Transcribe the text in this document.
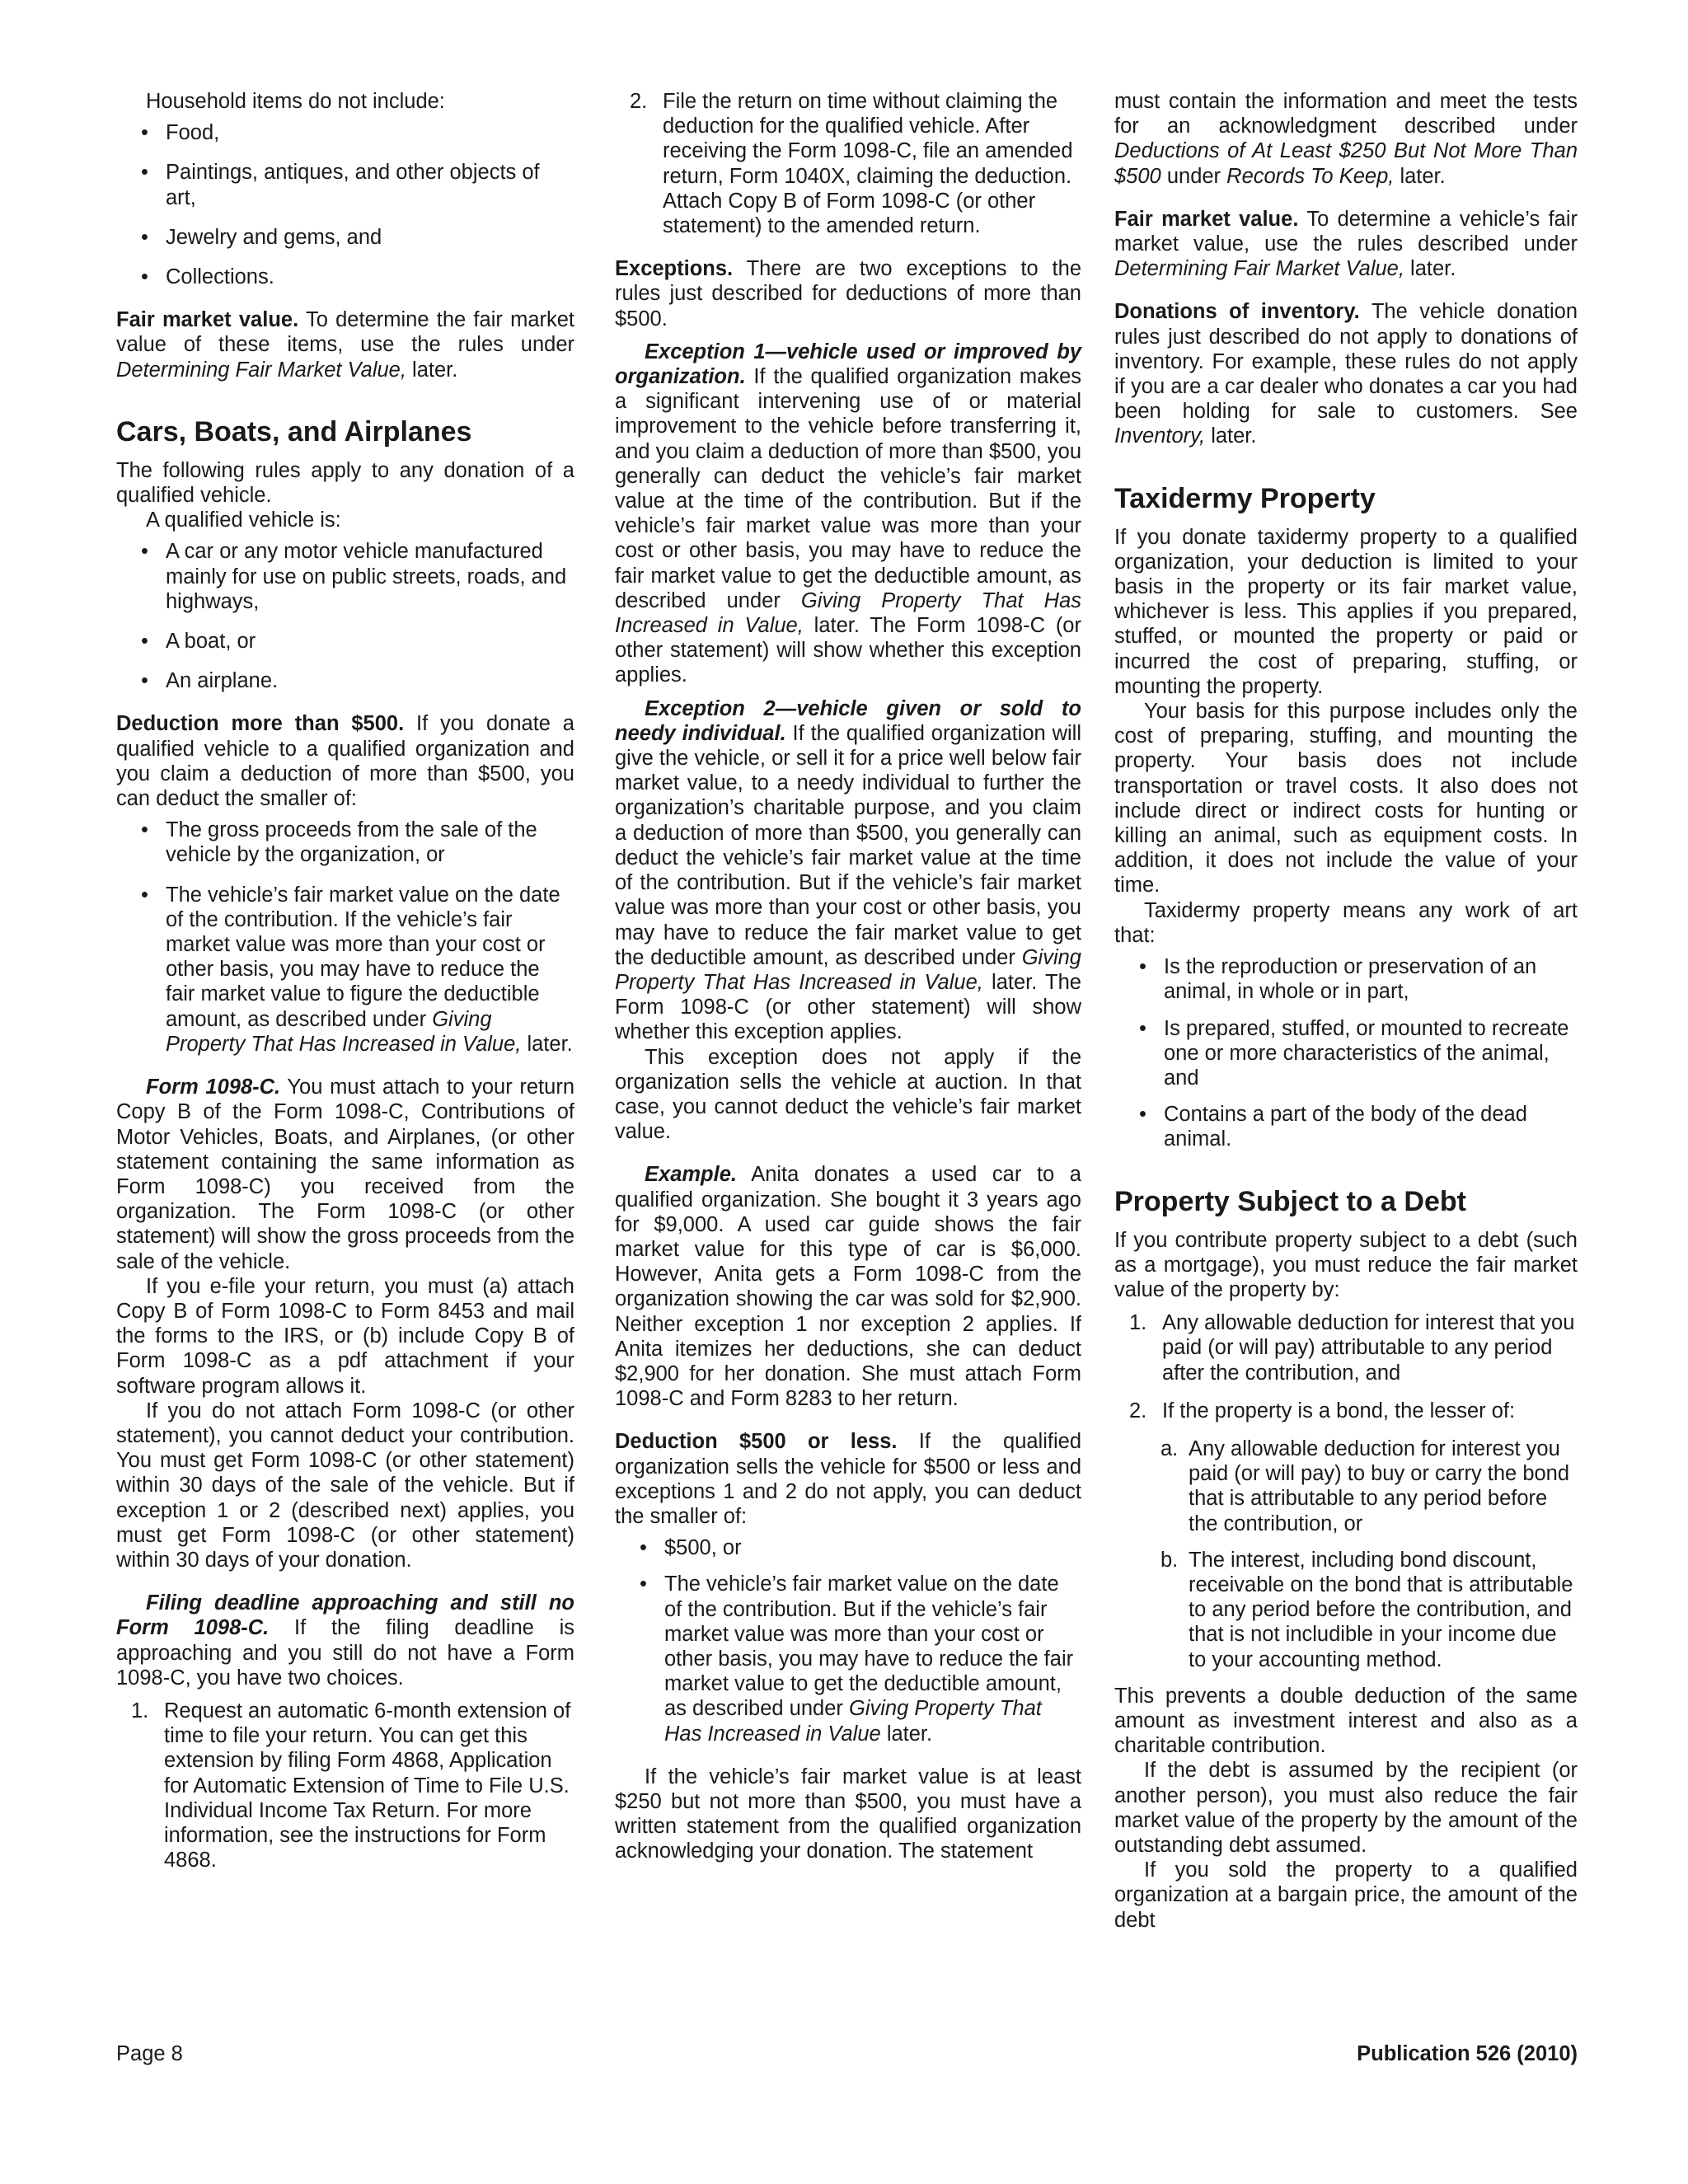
Household items do not include:

• Food,
• Paintings, antiques, and other objects of art,
• Jewelry and gems, and
• Collections.

Fair market value. To determine the fair market value of these items, use the rules under Determining Fair Market Value, later.

Cars, Boats, and Airplanes

The following rules apply to any donation of a qualified vehicle.

A qualified vehicle is:

• A car or any motor vehicle manufactured mainly for use on public streets, roads, and highways,
• A boat, or
• An airplane.

Deduction more than $500. If you donate a qualified vehicle to a qualified organization and you claim a deduction of more than $500, you can deduct the smaller of:

• The gross proceeds from the sale of the vehicle by the organization, or
• The vehicle’s fair market value on the date of the contribution. If the vehicle’s fair market value was more than your cost or other basis, you may have to reduce the fair market value to figure the deductible amount, as described under Giving Property That Has Increased in Value, later.

Form 1098-C. You must attach to your return Copy B of the Form 1098-C, Contributions of Motor Vehicles, Boats, and Airplanes, (or other statement containing the same information as Form 1098-C) you received from the organization. The Form 1098-C (or other statement) will show the gross proceeds from the sale of the vehicle.

If you e-file your return, you must (a) attach Copy B of Form 1098-C to Form 8453 and mail the forms to the IRS, or (b) include Copy B of Form 1098-C as a pdf attachment if your software program allows it.

If you do not attach Form 1098-C (or other statement), you cannot deduct your contribution. You must get Form 1098-C (or other statement) within 30 days of the sale of the vehicle. But if exception 1 or 2 (described next) applies, you must get Form 1098-C (or other statement) within 30 days of your donation.

Filing deadline approaching and still no Form 1098-C. If the filing deadline is approaching and you still do not have a Form 1098-C, you have two choices.

1. Request an automatic 6-month extension of time to file your return. You can get this extension by filing Form 4868, Application for Automatic Extension of Time to File U.S. Individual Income Tax Return. For more information, see the instructions for Form 4868.
2. File the return on time without claiming the deduction for the qualified vehicle. After receiving the Form 1098-C, file an amended return, Form 1040X, claiming the deduction. Attach Copy B of Form 1098-C (or other statement) to the amended return.

Exceptions. There are two exceptions to the rules just described for deductions of more than $500.

Exception 1—vehicle used or improved by organization. If the qualified organization makes a significant intervening use of or material improvement to the vehicle before transferring it, and you claim a deduction of more than $500, you generally can deduct the vehicle’s fair market value at the time of the contribution. But if the vehicle’s fair market value was more than your cost or other basis, you may have to reduce the fair market value to get the deductible amount, as described under Giving Property That Has Increased in Value, later. The Form 1098-C (or other statement) will show whether this exception applies.

Exception 2—vehicle given or sold to needy individual. If the qualified organization will give the vehicle, or sell it for a price well below fair market value, to a needy individual to further the organization’s charitable purpose, and you claim a deduction of more than $500, you generally can deduct the vehicle’s fair market value at the time of the contribution. But if the vehicle’s fair market value was more than your cost or other basis, you may have to reduce the fair market value to get the deductible amount, as described under Giving Property That Has Increased in Value, later. The Form 1098-C (or other statement) will show whether this exception applies.

This exception does not apply if the organization sells the vehicle at auction. In that case, you cannot deduct the vehicle’s fair market value.

Example. Anita donates a used car to a qualified organization. She bought it 3 years ago for $9,000. A used car guide shows the fair market value for this type of car is $6,000. However, Anita gets a Form 1098-C from the organization showing the car was sold for $2,900. Neither exception 1 nor exception 2 applies. If Anita itemizes her deductions, she can deduct $2,900 for her donation. She must attach Form 1098-C and Form 8283 to her return.

Deduction $500 or less. If the qualified organization sells the vehicle for $500 or less and exceptions 1 and 2 do not apply, you can deduct the smaller of:

• $500, or
• The vehicle’s fair market value on the date of the contribution. But if the vehicle’s fair market value was more than your cost or other basis, you may have to reduce the fair market value to get the deductible amount, as described under Giving Property That Has Increased in Value later.

If the vehicle’s fair market value is at least $250 but not more than $500, you must have a written statement from the qualified organization acknowledging your donation. The statement

must contain the information and meet the tests for an acknowledgment described under Deductions of At Least $250 But Not More Than $500 under Records To Keep, later.

Fair market value. To determine a vehicle’s fair market value, use the rules described under Determining Fair Market Value, later.

Donations of inventory. The vehicle donation rules just described do not apply to donations of inventory. For example, these rules do not apply if you are a car dealer who donates a car you had been holding for sale to customers. See Inventory, later.

Taxidermy Property

If you donate taxidermy property to a qualified organization, your deduction is limited to your basis in the property or its fair market value, whichever is less. This applies if you prepared, stuffed, or mounted the property or paid or incurred the cost of preparing, stuffing, or mounting the property.

Your basis for this purpose includes only the cost of preparing, stuffing, and mounting the property. Your basis does not include transportation or travel costs. It also does not include direct or indirect costs for hunting or killing an animal, such as equipment costs. In addition, it does not include the value of your time.

Taxidermy property means any work of art that:

• Is the reproduction or preservation of an animal, in whole or in part,
• Is prepared, stuffed, or mounted to recreate one or more characteristics of the animal, and
• Contains a part of the body of the dead animal.
Property Subject to a Debt

If you contribute property subject to a debt (such as a mortgage), you must reduce the fair market value of the property by:

1. Any allowable deduction for interest that you paid (or will pay) attributable to any period after the contribution, and
2. If the property is a bond, the lesser of:
a. Any allowable deduction for interest you paid (or will pay) to buy or carry the bond that is attributable to any period before the contribution, or
b. The interest, including bond discount, receivable on the bond that is attributable to any period before the contribution, and that is not includible in your income due to your accounting method.

This prevents a double deduction of the same amount as investment interest and also as a charitable contribution.

If the debt is assumed by the recipient (or another person), you must also reduce the fair market value of the property by the amount of the outstanding debt assumed.

If you sold the property to a qualified organization at a bargain price, the amount of the debt

Page 8	Publication 526 (2010)
